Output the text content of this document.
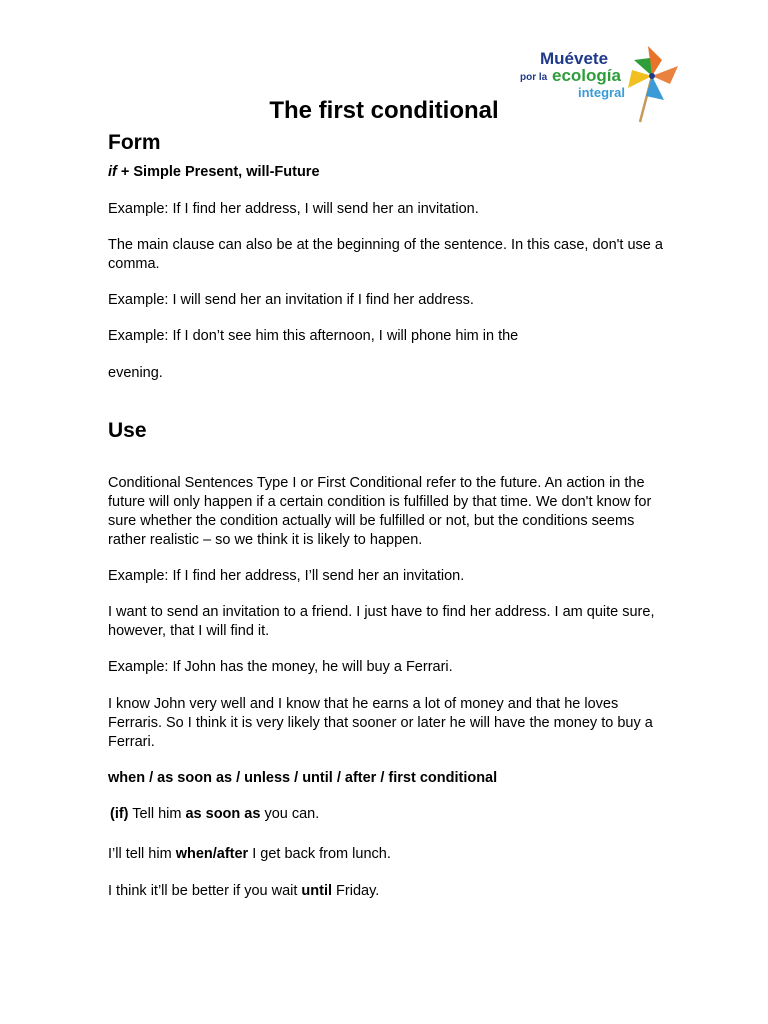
Muévete
por la ecología
integral
The first conditional
Form

if + Simple Present, will-Future

Example: If I find her address, I will send her an invitation.

The main clause can also be at the beginning of the sentence. In this case, don't use a comma.

Example: I will send her an invitation if I find her address.

Example: If I don’t see him this afternoon, I will phone him in the

evening.

Use

Conditional Sentences Type I or First Conditional refer to the future. An action in the future will only happen if a certain condition is fulfilled by that time. We don't know for sure whether the condition actually will be fulfilled or not, but the conditions seems rather realistic – so we think it is likely to happen.

Example: If I find her address, I’ll send her an invitation.

I want to send an invitation to a friend. I just have to find her address. I am quite sure, however, that I will find it.

Example: If John has the money, he will buy a Ferrari.

I know John very well and I know that he earns a lot of money and that he loves Ferraris. So I think it is very likely that sooner or later he will have the money to buy a Ferrari.

when / as soon as / unless / until / after / first conditional

(if) Tell him as soon as you can.

I’ll tell him when/after I get back from lunch.

I think it’ll be better if you wait until Friday.
